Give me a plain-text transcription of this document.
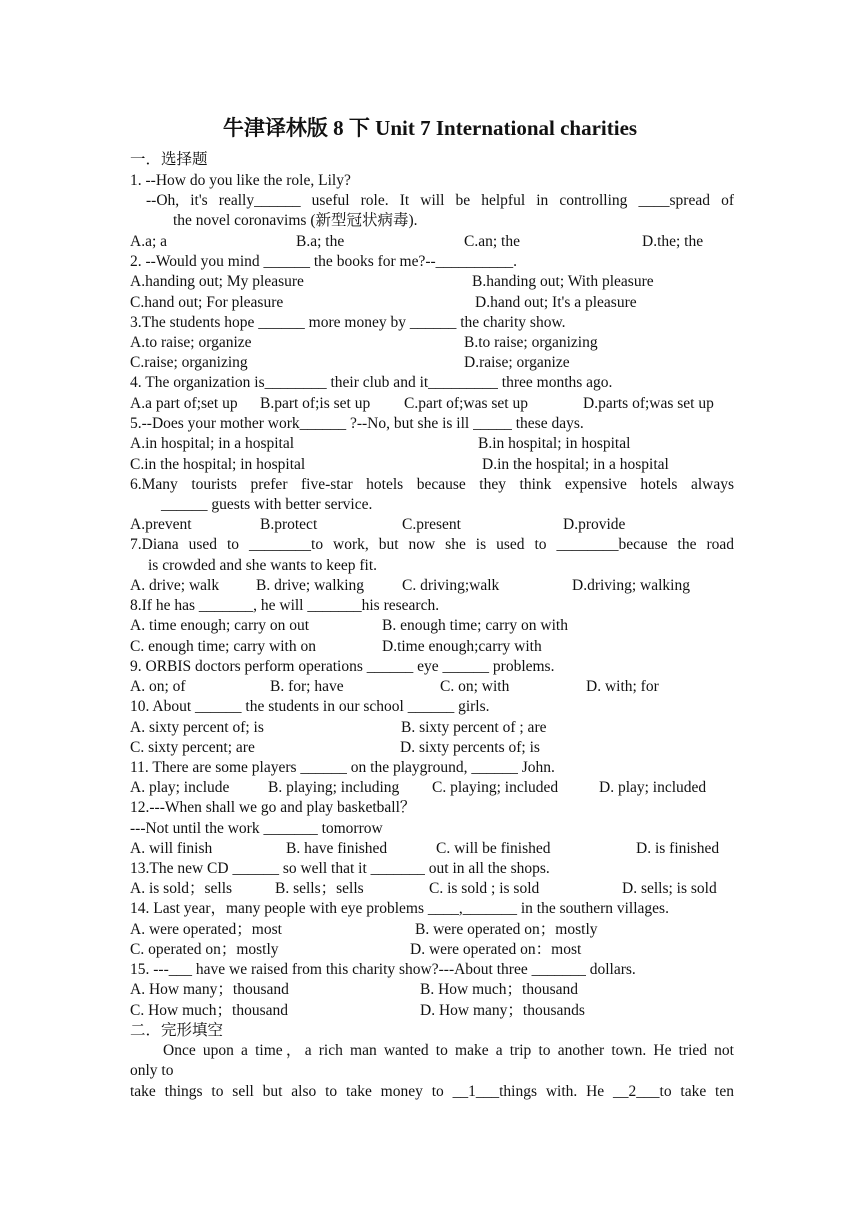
牛津译林版 8 下 Unit 7 International charities
一．选择题
1. --How do you like the role, Lily?
--Oh, it's really______ useful role. It will be helpful in controlling ____spread of
the novel coronavims (新型冠状病毒).
A.a; a	B.a; the	C.an; the	D.the; the
2. --Would you mind ______ the books for me?--__________.
A.handing out; My pleasure	B.handing out; With pleasure
C.hand out; For pleasure	D.hand out; It's a pleasure
3.The students hope ______ more money by ______ the charity show.
A.to raise; organize	B.to raise; organizing
C.raise; organizing	D.raise; organize
4. The organization is________ their club and it_________ three months ago.
A.a part of;set up B.part of;is set up C.part of;was set up	D.parts of;was set up
5.--Does your mother work______ ?--No, but she is ill _____ these days.
A.in hospital; in a hospital	B.in hospital; in hospital
C.in the hospital; in hospital	D.in the hospital; in a hospital
6.Many tourists prefer five-star hotels because they think expensive hotels always
______ guests with better service.
A.prevent	B.protect	C.present	D.provide
7.Diana used to ________to work, but now she is used to ________because the road
is crowded and she wants to keep fit.
A. drive; walk B. drive; walking C. driving;walk	D.driving; walking
8.If he has _______, he will _______his research.
A. time enough; carry on out	B. enough time; carry on with
C. enough time; carry with on	D.time enough;carry with
9. ORBIS doctors perform operations ______ eye ______ problems.
A. on; of	B. for; have	C. on; with	D. with; for
10. About ______ the students in our school ______ girls.
A. sixty percent of; is	B. sixty percent of ; are
C. sixty percent; are	D. sixty percents of; is
11. There are some players ______ on the playground, ______ John.
A. play; include B. playing; including C. playing; included	D. play; included
12.---When shall we go and play basketball？
---Not until the work _______ tomorrow
A. will finish	B. have finished	C. will be finished	D. is finished
13.The new CD ______ so well that it _______ out in all the shops.
A. is sold；sells	B. sells；sells	C. is sold ; is sold	D. sells; is sold
14. Last year，many people with eye problems ____,_______ in the southern villages.
A. were operated；most	B. were operated on；mostly
C. operated on；mostly	D. were operated on：most
15. ---___ have we raised from this charity show?---About three _______ dollars.
A. How many；thousand	B. How much；thousand
C. How much；thousand	D. How many；thousands
二．完形填空
Once upon a time，a rich man wanted to make a trip to another town. He tried not
only to
take things to sell but also to take money to __1___things with. He __2___to take ten
